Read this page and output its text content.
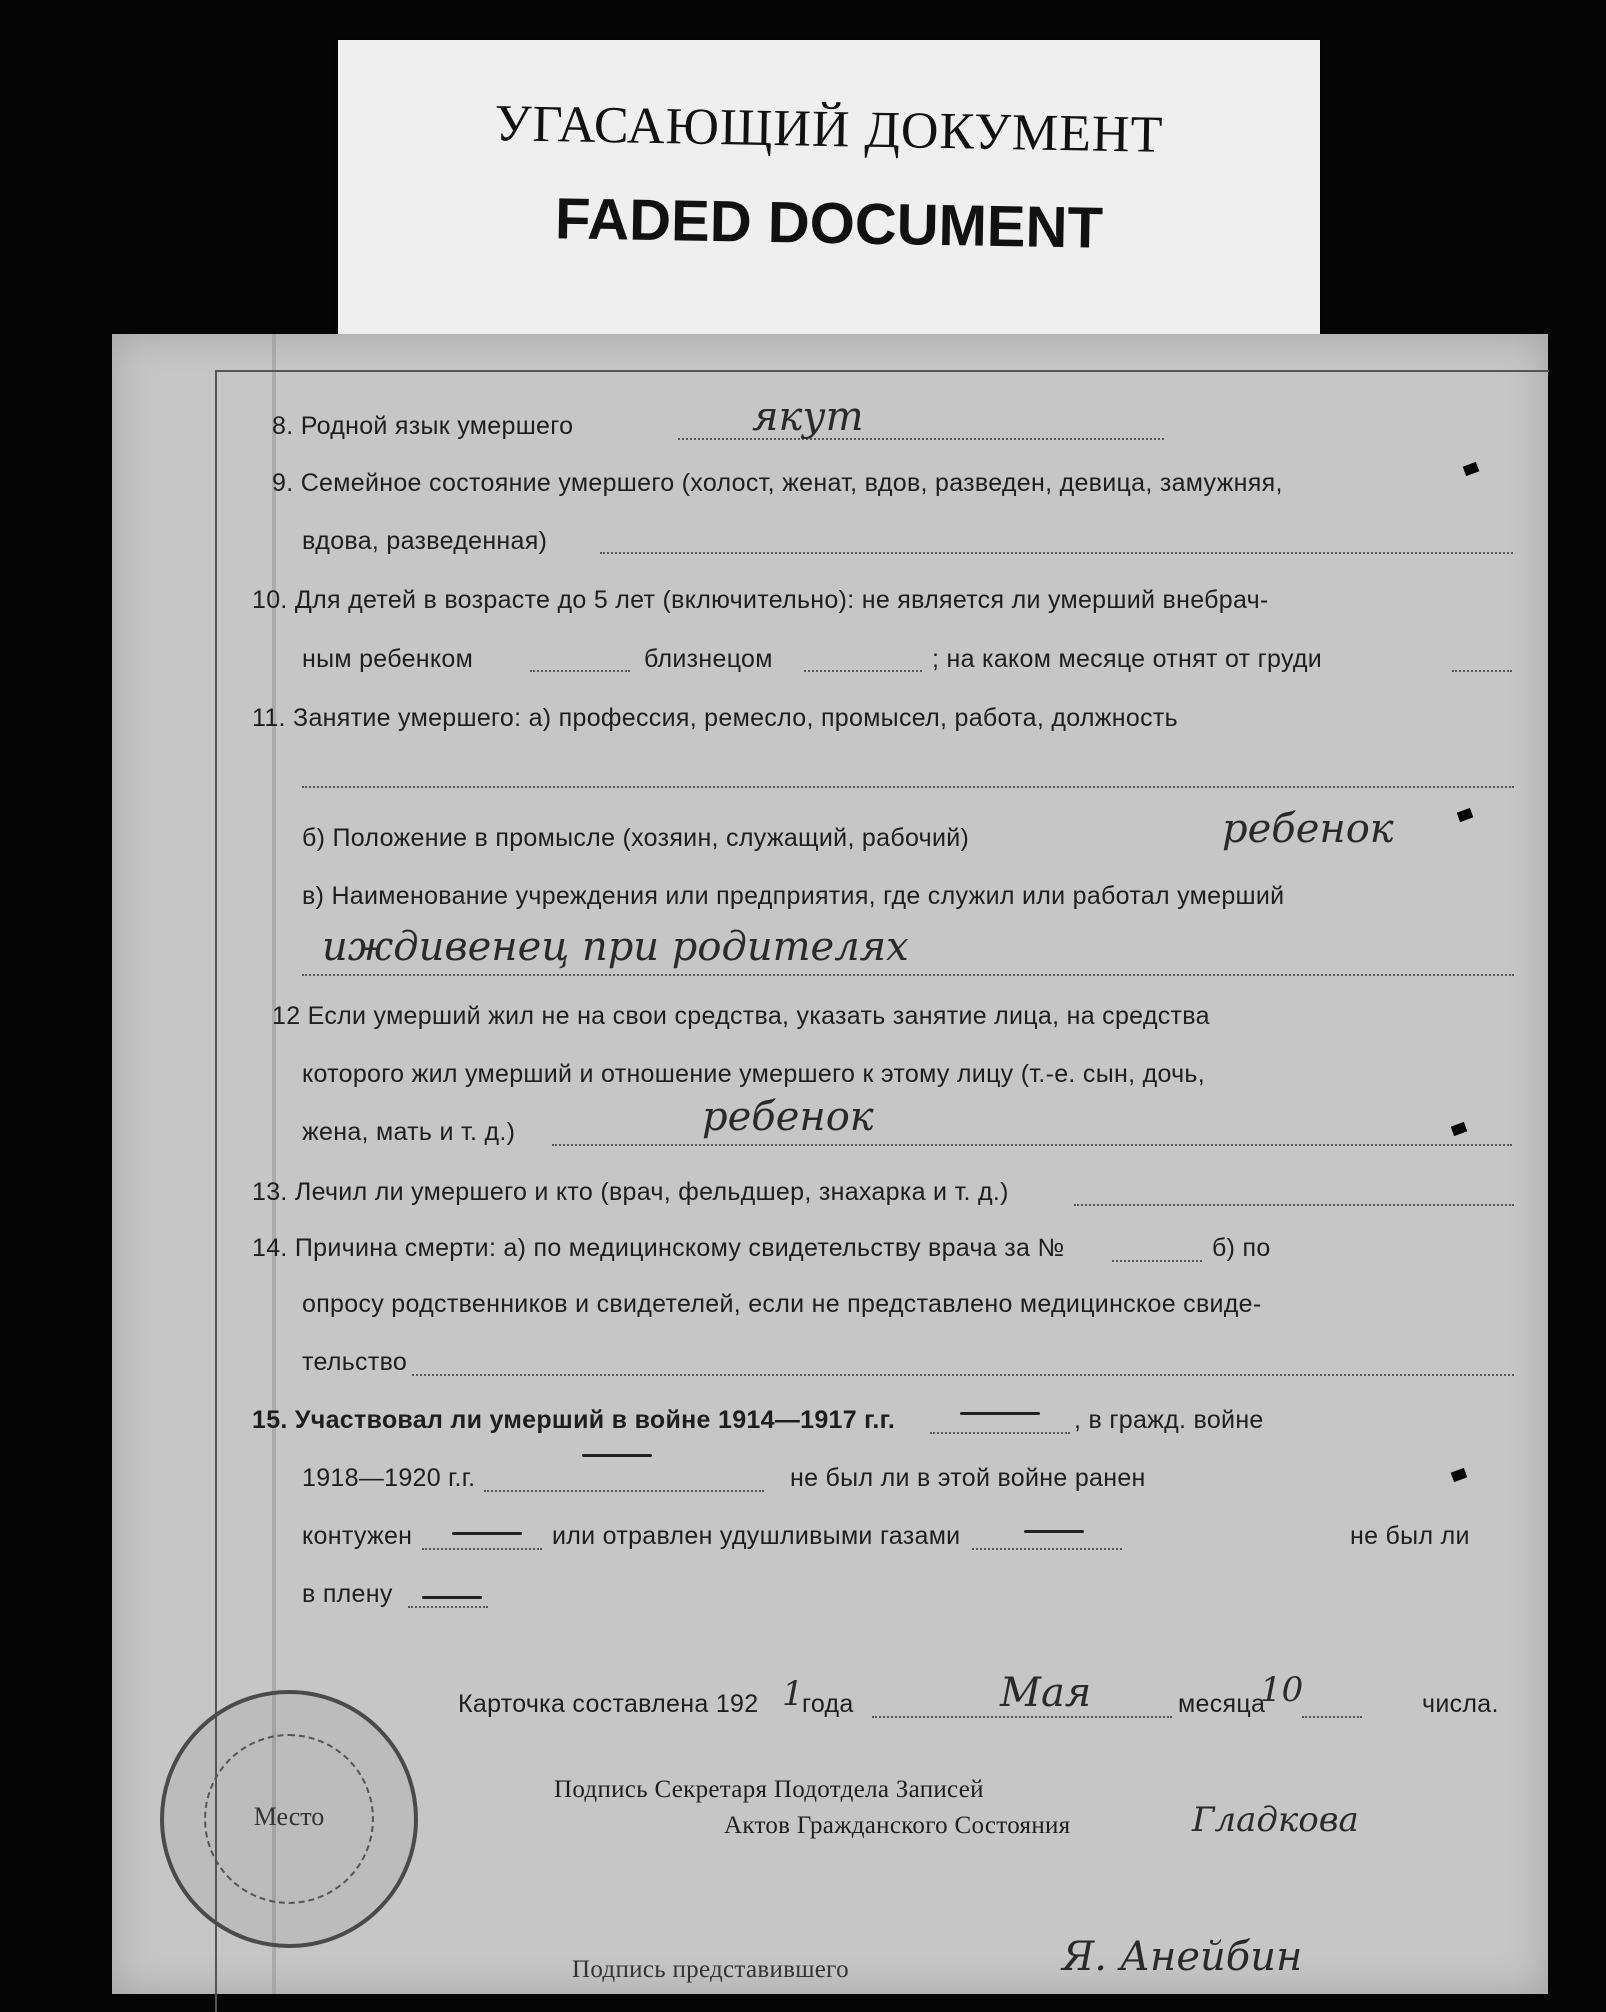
УГАСАЮЩИЙ ДОКУМЕНТ
FADED DOCUMENT
8. Родной язык умершего	якут
9. Семейное состояние умершего (холост, женат, вдов, разведен, девица, замужняя,
вдова, разведенная)
10. Для детей в возрасте до 5 лет (включительно): не является ли умерший внебрач-
ным ребенком	близнецом	; на каком месяце отнят от груди
11. Занятие умершего: а) профессия, ремесло, промысел, работа, должность
б) Положение в промысле (хозяин, служащий, рабочий)	ребенок
в) Наименование учреждения или предприятия, где служил или работал умерший
иждивенец при родителях
12 Если умерший жил не на свои средства, указать занятие лица, на средства
которого жил умерший и отношение умершего к этому лицу (т.-е. сын, дочь,
жена, мать и т. д.)	ребенок
13. Лечил ли умершего и кто (врач, фельдшер, знахарка и т. д.)
14. Причина смерти: а) по медицинскому свидетельству врача за №	б) по
опросу родственников и свидетелей, если не представлено медицинское свиде-
тельство
15. Участвовал ли умерший в войне 1914—1917 г.г.	, в гражд. войне
1918—1920 г.г.	не был ли в этой войне ранен
контужен	или отравлен удушливыми газами	не был ли
в плену
Карточка составлена 192 1
года	Мая	месяца
10	числа.
Подпись Секретаря Подотдела Записей
Актов Гражданского Состояния	Гладкова
Подпись представившего	Я. Анейбин
Место
